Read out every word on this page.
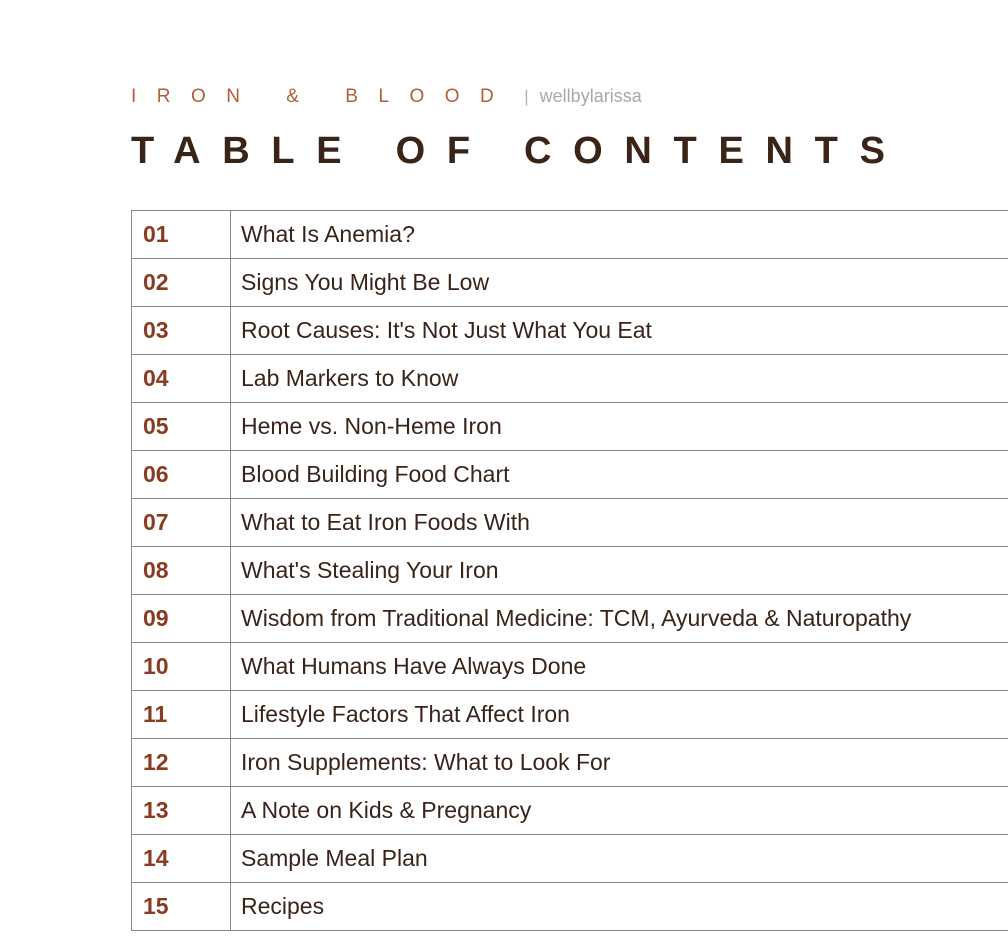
IRON & BLOOD | wellbylarissa
TABLE OF CONTENTS
01	What Is Anemia?
02	Signs You Might Be Low
03	Root Causes: It's Not Just What You Eat
04	Lab Markers to Know
05	Heme vs. Non-Heme Iron
06	Blood Building Food Chart
07	What to Eat Iron Foods With
08	What's Stealing Your Iron
09	Wisdom from Traditional Medicine: TCM, Ayurveda & Naturopathy
10	What Humans Have Always Done
11	Lifestyle Factors That Affect Iron
12	Iron Supplements: What to Look For
13	A Note on Kids & Pregnancy
14	Sample Meal Plan
15	Recipes
